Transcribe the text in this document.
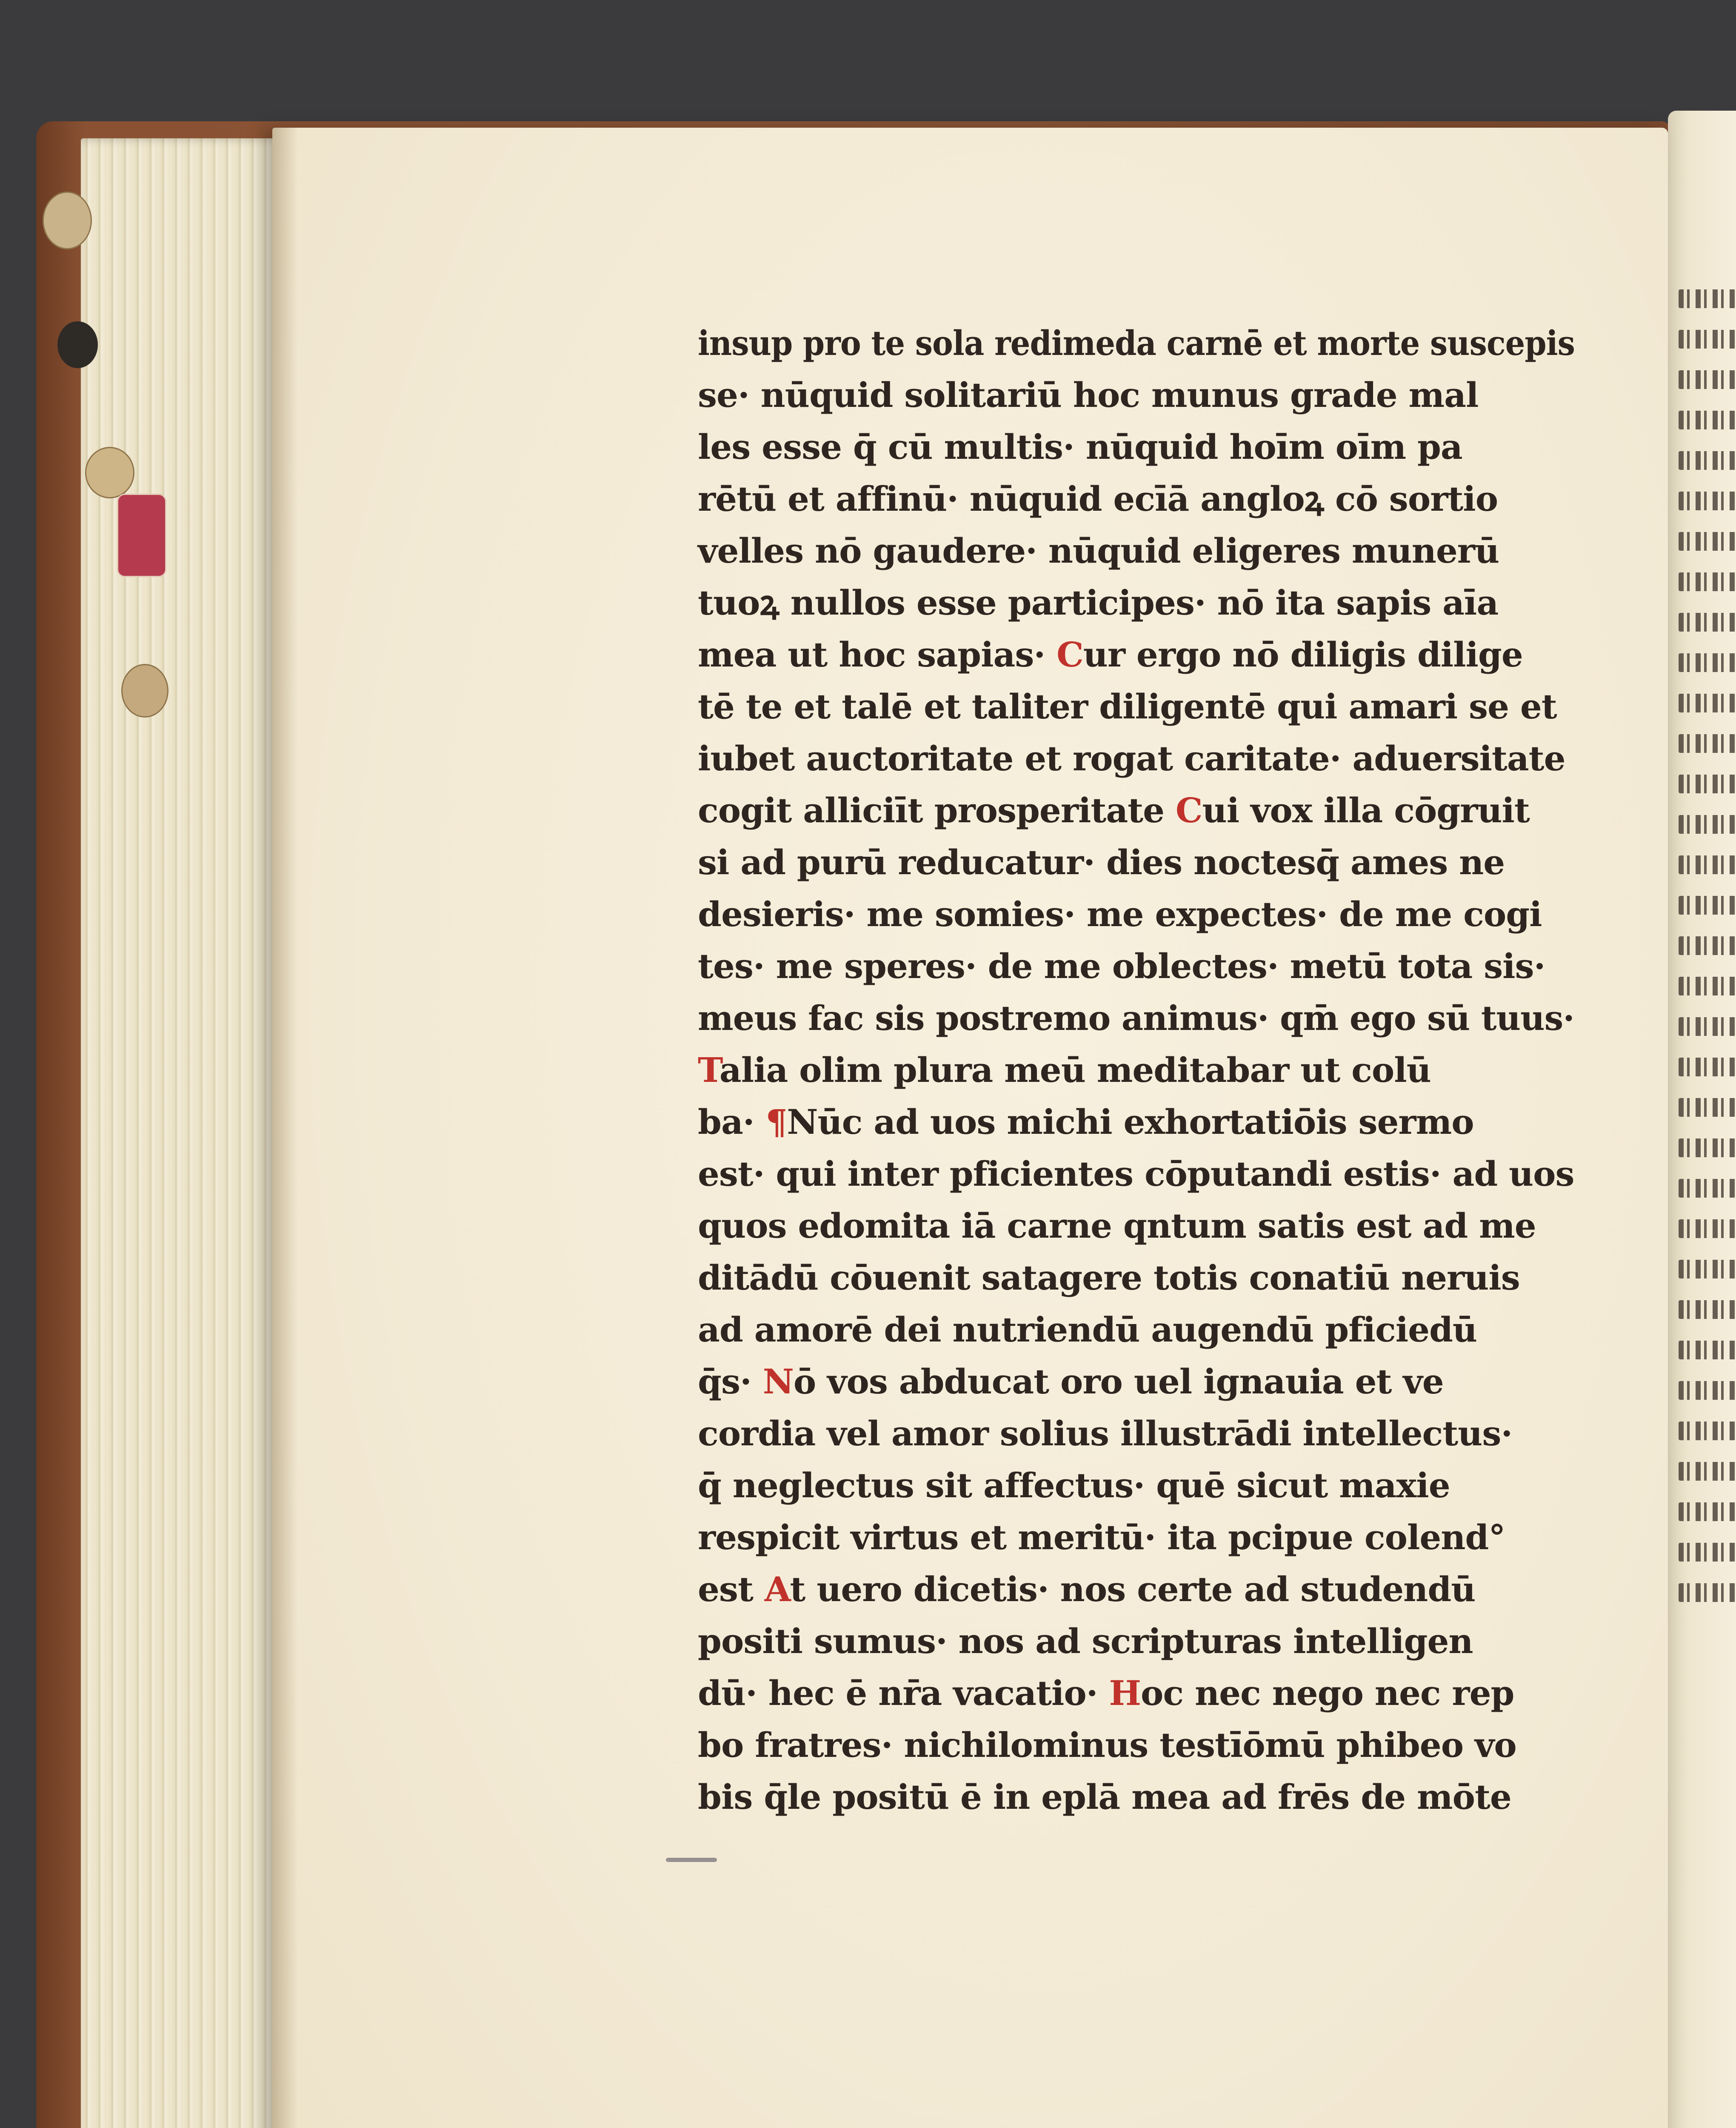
insup pro te sola redimeda carnē et morte suscepis
se· nūquid solitariū hoc munus grade mal
les esse q̄ cū multis· nūquid hoīm oīm pa
rētū et affinū· nūquid ecīā angloꝝ cō sortio
velles nō gaudere· nūquid eligeres munerū
tuoꝝ nullos esse participes· nō ita sapis aīa
mea ut hoc sapias· Cur ergo nō diligis dilige
tē te et talē et taliter diligentē qui amari se et
iubet auctoritate et rogat caritate· aduersitate
cogit alliciīt prosperitate Cui vox illa cōgruit
si ad purū reducatur· dies noctesq̄ ames ne
desieris· me somies· me expectes· de me cogi
tes· me speres· de me oblectes· metū tota sis·
meus fac sis postremo animus· qm̄ ego sū tuus·
Talia olim plura meū meditabar ut colū
ba· ¶Nūc ad uos michi exhortatiōis sermo
est· qui inter pficientes cōputandi estis· ad uos
quos edomita iā carne qntum satis est ad me
ditādū cōuenit satagere totis conatiū neruis
ad amorē dei nutriendū augendū pficiedū
q̄s· Nō vos abducat oro uel ignauia et ve
cordia vel amor solius illustrādi intellectus·
q̄ neglectus sit affectus· quē sicut maxie
respicit virtus et meritū· ita pcipue colend°
est At uero dicetis· nos certe ad studendū
positi sumus· nos ad scripturas intelligen
dū· hec ē nr̄a vacatio· Hoc nec nego nec rep
bo fratres· nichilominus testīōmū phibeo vo
bis q̄le positū ē in eplā mea ad frēs de mōte
